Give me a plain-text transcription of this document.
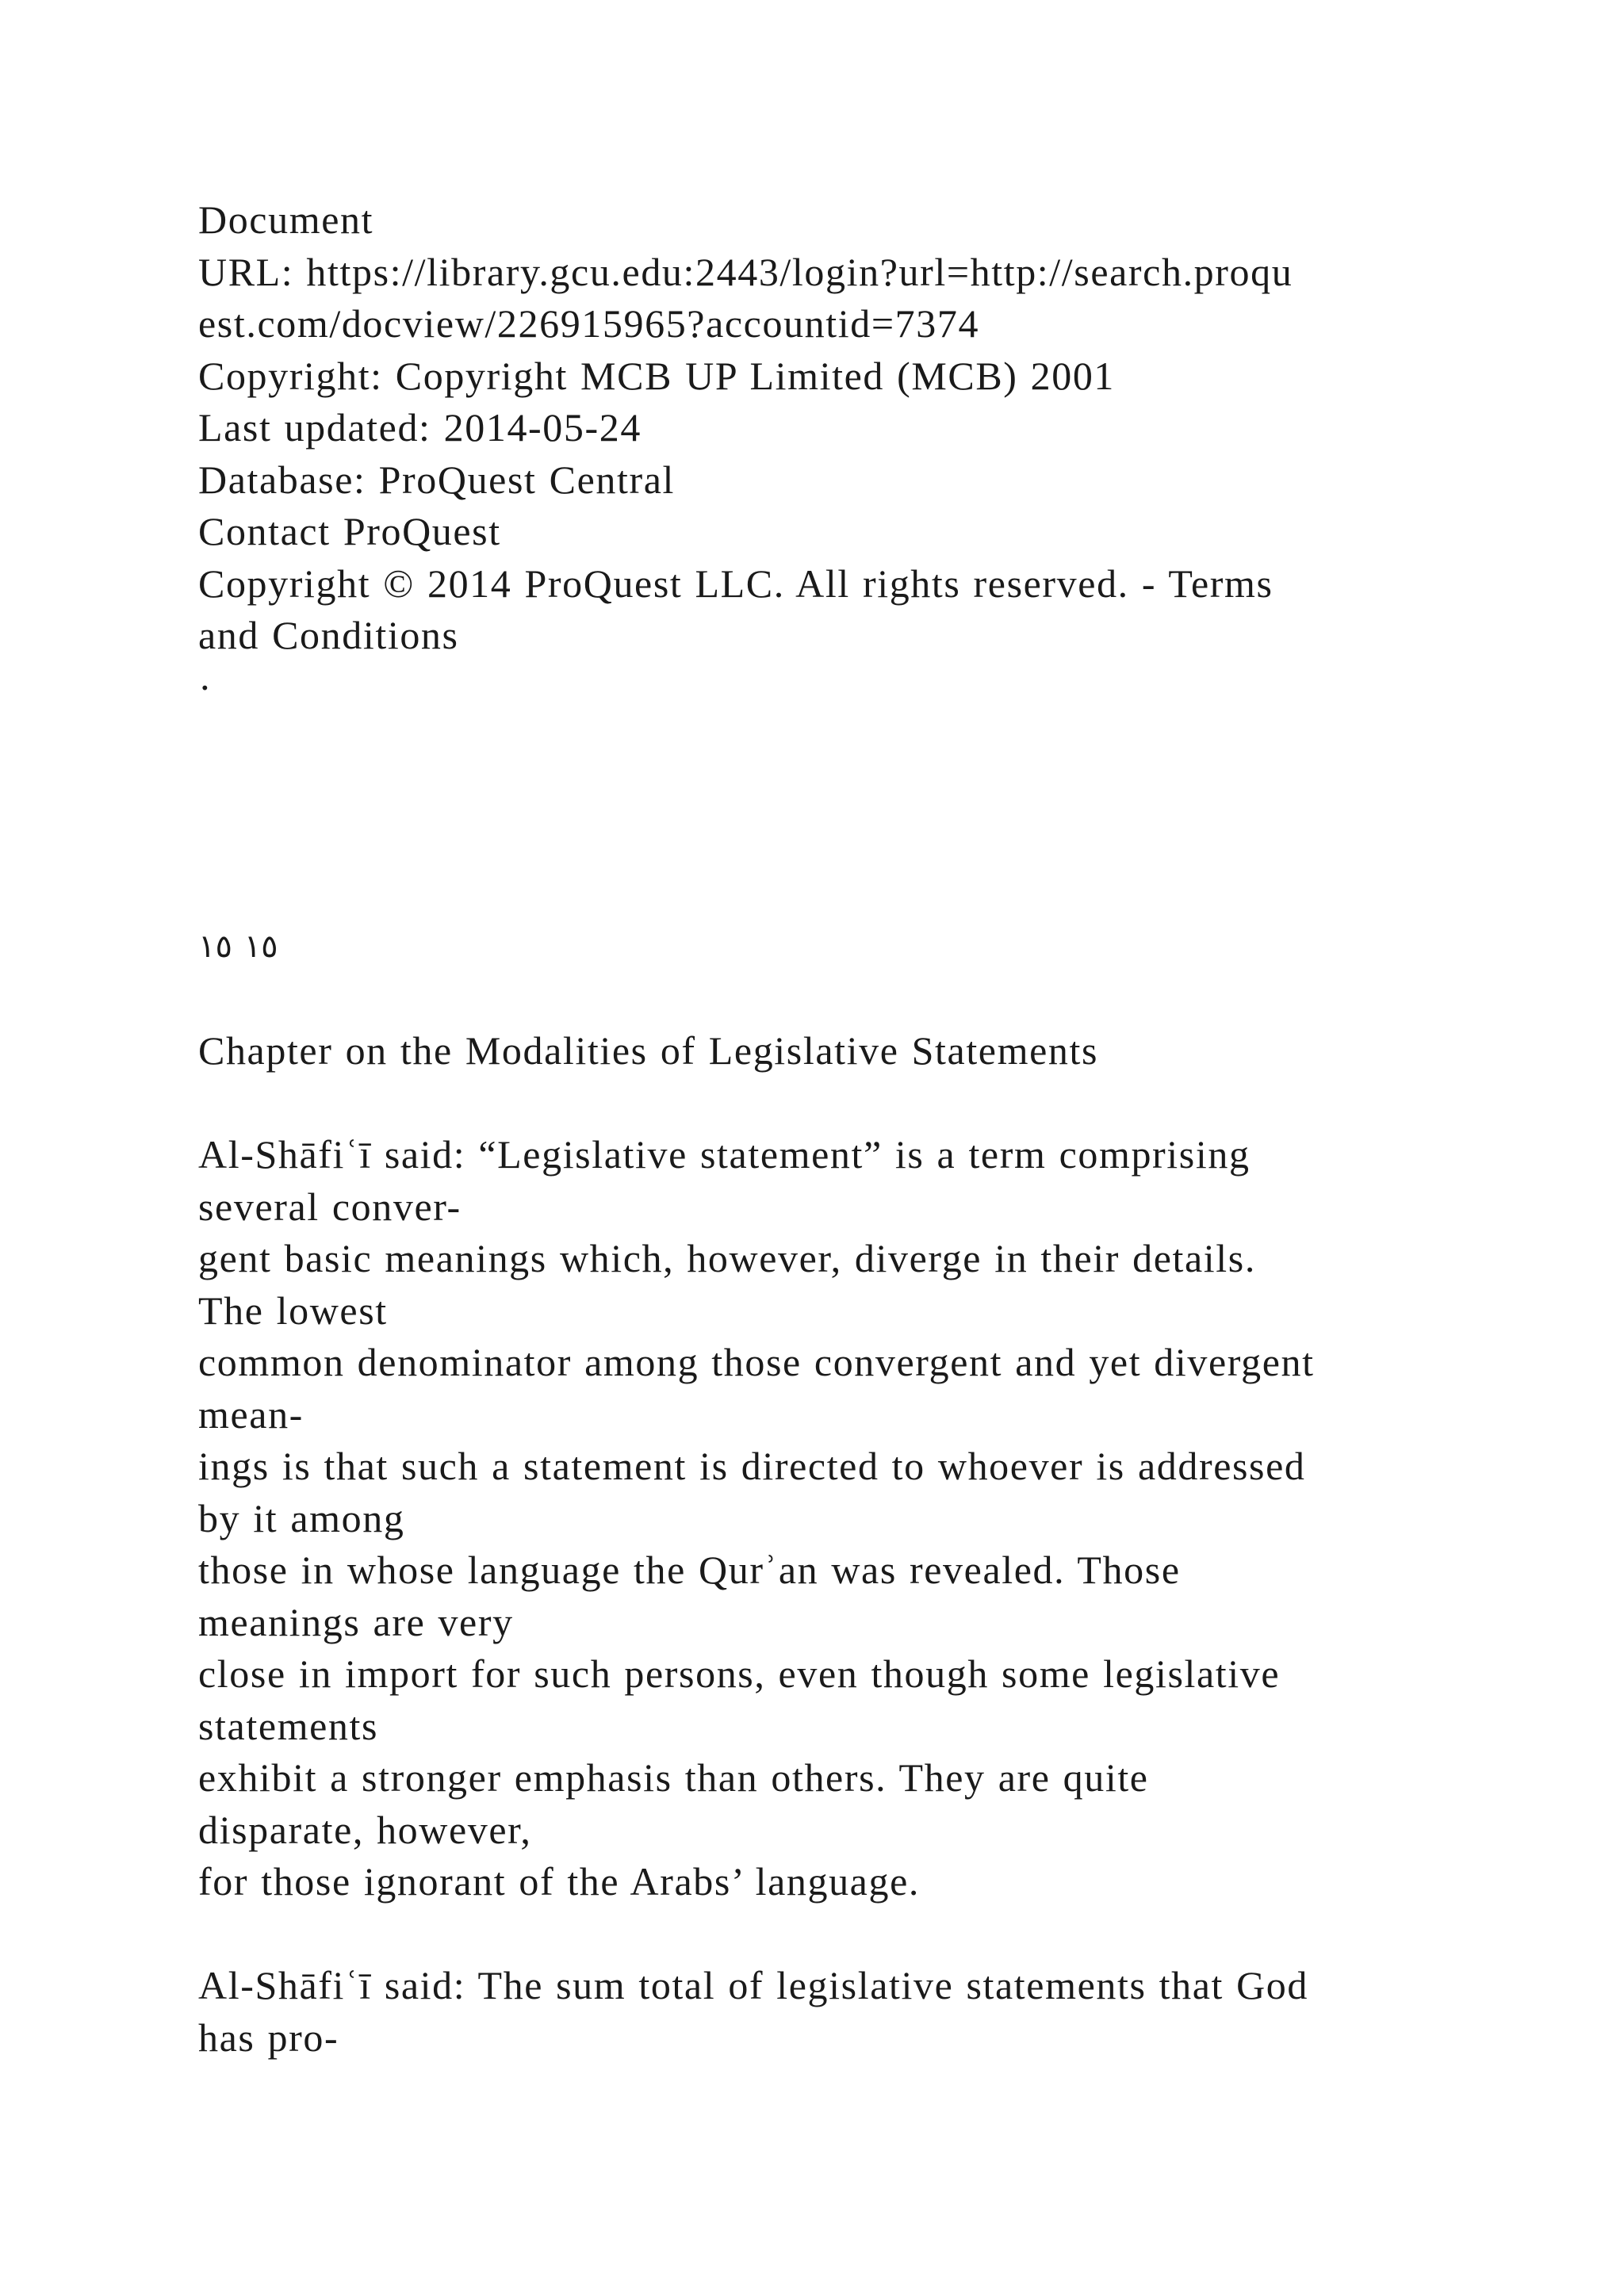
Document
URL: https://library.gcu.edu:2443/login?url=http://search.proqu
est.com/docview/226915965?accountid=7374
Copyright: Copyright MCB UP Limited (MCB) 2001
Last updated: 2014-05-24
Database: ProQuest Central
Contact ProQuest
Copyright © 2014 ProQuest LLC. All rights reserved. - Terms
and Conditions
·
١٥ ١٥
Chapter on the Modalities of Legislative Statements
Al-Shāfiʿī said: “Legislative statement” is a term comprising
several conver-
gent basic meanings which, however, diverge in their details.
The lowest
common denominator among those convergent and yet divergent
mean-
ings is that such a statement is directed to whoever is addressed
by it among
those in whose language the Qurʾan was revealed. Those
meanings are very
close in import for such persons, even though some legislative
statements
exhibit a stronger emphasis than others. They are quite
disparate, however,
for those ignorant of the Arabs’ language.
Al-Shāfiʿī said: The sum total of legislative statements that God
has pro-
